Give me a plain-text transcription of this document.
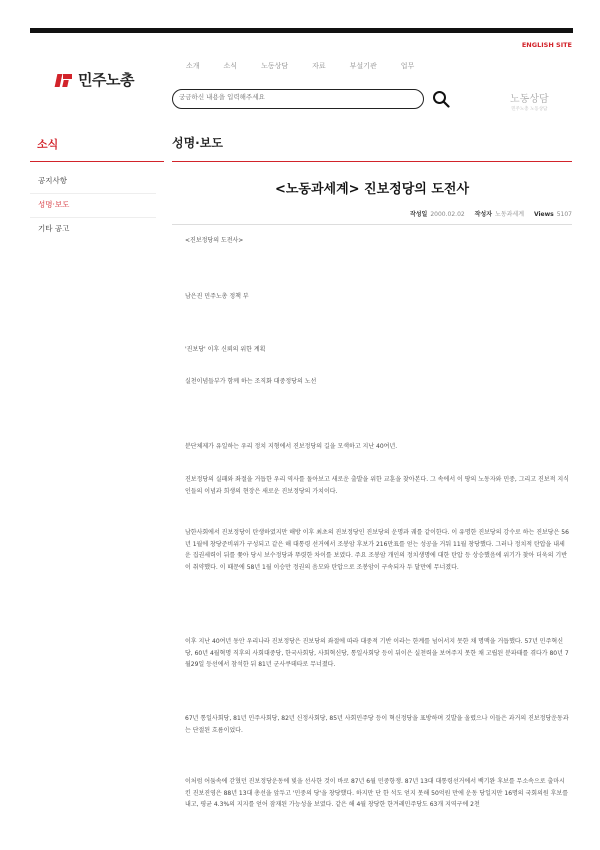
ENGLISH SITE
민주노총
소개	소식	노동상담	자료	부설기관	업무
궁금하신 내용을 입력해주세요
노동상담
민주노총 노동상담
소식
공지사항
성명·보도
기타 공고
성명·보도
<노동과세계> 진보정당의 도전사
작성일 2000.02.02 작성자 노동과세계 Views 5107
<진보정당의 도전사>
남은진 민주노총 정책 부
'진보당' 이후 신뢰의 위한 계획
실천이념들부가 함께 하는 조직화 대중정당의 노선
분단체제가 유일하는 우리 정치 지형에서 진보정당의 길을 모색하고 지난 40여년.
진보정당의 실패와 좌절을 거듭한 우리 역사를 돌아보고 새로운 출발을 위한 교훈을 찾아본다. 그 속에서 이 땅의 노동자와 민중, 그리고 진보적 지식인들의 이념과 희생의 현장은 새로운 진보정당의 가치이다.
남한사회에서 진보정당이 탄생하였지만 해방 이후 최초의 진보정당인 진보당의 운명과 궤를 같이한다. 이 유명한 진보당의 강수로 하는 진보당은 56년 1월에 창당준비위가 구성되고 같은 해 대통령 선거에서 조봉암 후보가 216만표를 얻는 성공을 거둬 11월 창당했다. 그러나 정치적 탄압을 내세운 집권세력이 뒤를 쫓아 당시 보수정당과 뚜렷한 차이를 보였다. 주요 조봉암 개인의 정치생명에 대한 탄압 등 상승했음에 위기가 찾아 더욱의 기반이 취약했다. 이 때문에 58년 1월 이승만 정권의 음모와 탄압으로 조봉암이 구속되자 두 달만에 무너졌다.
이후 지난 40여년 동안 우리나라 진보정당은 진보당의 좌절에 따라 대중적 기반 이라는 한계를 넘어서지 못한 채 명맥을 거듭했다. 57년 민주혁신당, 60년 4월혁명 직후의 사회대중당, 한국사회당, 사회혁신당, 통일사회당 등이 뒤이은 실천력을 보여주지 못한 채 고립된 분파태를 겪다가 80년 7월29일 등선에서 참석한 뒤 81년 군사쿠데타로 무너졌다.
67년 통일사회당, 81년 민주사회당, 82년 신정사회당, 85년 사회민주당 등이 혁신정당을 표방하며 깃발을 올렸으나 이들은 과거의 진보정당운동과는 단절된 흐름이었다.
이처럼 어둠속에 갇혔던 진보정당운동에 빛을 선사한 것이 바로 87년 6월 민중항쟁. 87년 13대 대통령선거에서 백기완 후보를 무소속으로 출마시킨 진보진영은 88년 13대 총선을 앞두고 '민중의 당'을 창당했다. 하지만 단 한 석도 얻지 못해 50억원 만에 운동 당일지만 16명의 국회의원 후보를 내고, 평균 4.3%의 지지를 얻어 잠재된 가능성을 보였다. 같은 해 4월 창당한 한겨레민주당도 63개 지역구에 2천
